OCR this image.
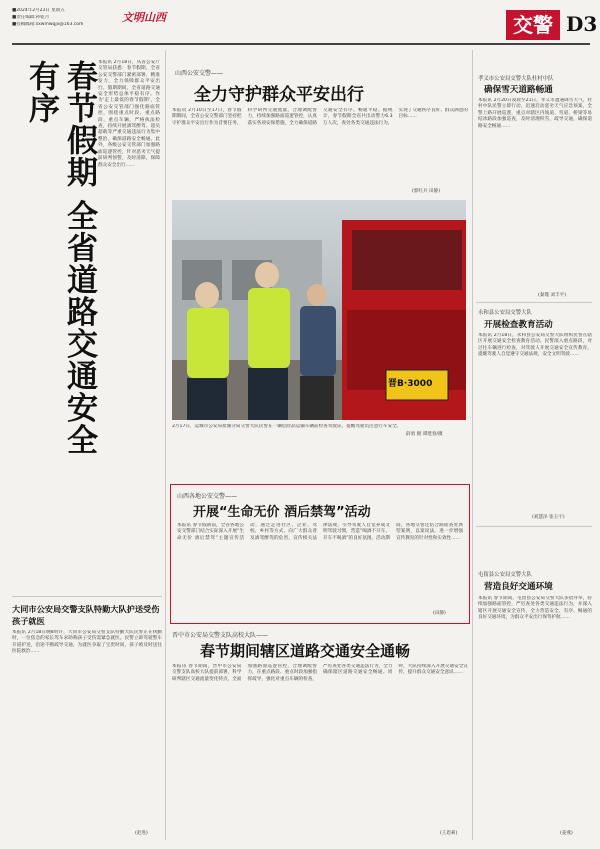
■2024年2月23日 星期五
■责任编辑:孙乾月
■投稿邮箱:sxwmwqjx@163.com
文明山西	交警 D3
春节假期 全省道路交通安全有序	本报讯 2月18日，从省公安厅交管局获悉：春节假期，全省公安交警部门紧密部署，精准发力，全力保障群众平安出行。假期期间，全省道路交通安全形势总体平稳有序。作为'走上最低的春节假期'，全省公安交管部门强化路面管控，围绕重点时段、重点路段、重点车辆，严格执法检查，持续开展酒驾醉驾、超员超载等严重交通违法行为集中整治，确保道路安全畅通。此外，各级公安交管部门加强路面巡逻管控，针对恶劣天气提前研判预警，及时清障，保障群众安全出行……
大同市公安局交警支队特勤大队护送受伤孩子就医
本报讯 2月18日晚8时许，大同市公安局交警支队特勤大队民警正在执勤时，一位焦急的家长驾车求助称孩子受伤需紧急就医。民警立即驾驶警车开道护送，沿途不断疏导交通，为就医争取了宝贵时间，孩子被及时送往医院救治……
(赵进)
山西公安交警——
全力守护群众平安出行
本报讯 2月10日至17日，春节假期期间，全省公安交警部门坚持把守护群众平安出行作为首要任务，科学研判交通流量，合理调配警力，持续加强路面巡逻管控，认真落实各项安保措施，全力确保道路交通安全有序、畅通平稳。据统计，春节假期全省共出动警力6.3万人次，查处各类交通违法行为，实现了交通秩序良好、群众满意的目标……
(郭红兵 田静)
晋B·3000
2月17日，运城市公安局盐湖分局交警大队民警在一辆危险品运输车辆前检查驾驶证，提醒驾驶员注意行车安全。
薛勇 摄 谭建春/摄
山西各地公安交警——
开展“生命无价 酒后禁驾”活动
本报讯 春节假期前，全省各地公安交警部门结合实际深入开展“生命无价 酒后禁驾”主题宣传活动，通过走进社区、企业、驾校、乡村等方式，向广大群众普及酒驾醉驾的危害，宣传相关法律法规，引导驾驶人自觉养成文明驾驶习惯，营造“喝酒不开车，开车不喝酒”的良好氛围。活动期间，各地交警还结合路面查处典型案例，以案说法，进一步增强宣传教育的针对性和实效性……
(田静)
晋中市公安局交警支队高校大队——
春节期间辖区道路交通安全通畅
本报讯 春节期间，晋中市公安局交警支队高校大队提前部署，科学研判辖区交通流量变化特点，全面加强路面巡逻管控，合理调配警力，在重点路段、重点时段加强指挥疏导，强化对重点车辆的检查，严厉查处各类交通违法行为，全力确保辖区道路交通安全畅通。同时，大队持续深入开展交通安全宣传，提升群众交通安全意识……
(王恩莉)
孝义市公安局交警大队杜村中队
确保雪天道路畅通
本报讯 2月20日凌晨至21日，孝义市遭遇降雪天气，杜村中队民警立即行动，迅速启动恶劣天气应急预案，全警上路开展巡逻，重点对辖区内坡道、弯道、桥梁等易结冰路段加强巡查，及时清理积雪，疏导交通，确保道路安全畅通……
(秦瑾 刘丰平)
永和县公安局交警大队
开展检查教育活动
本报讯 2月18日，永和县公安局交警大队组织民警在辖区开展交通安全检查教育活动。民警深入重点路段，对过往车辆进行检查，对驾驶人开展交通安全宣传教育，提醒驾驶人自觉遵守交通法规，安全文明驾驶……
(刘慧泽 张玉宇)
屯留县公安局交警大队
营造良好交通环境
本报讯 春节期间，屯留县公安局交警大队多措并举，持续加强路面管控，严厉查处各类交通违法行为，并深入辖区开展交通安全宣传，全力营造安全、有序、畅通的良好交通环境，为群众平安出行保驾护航……
(姜燕)
